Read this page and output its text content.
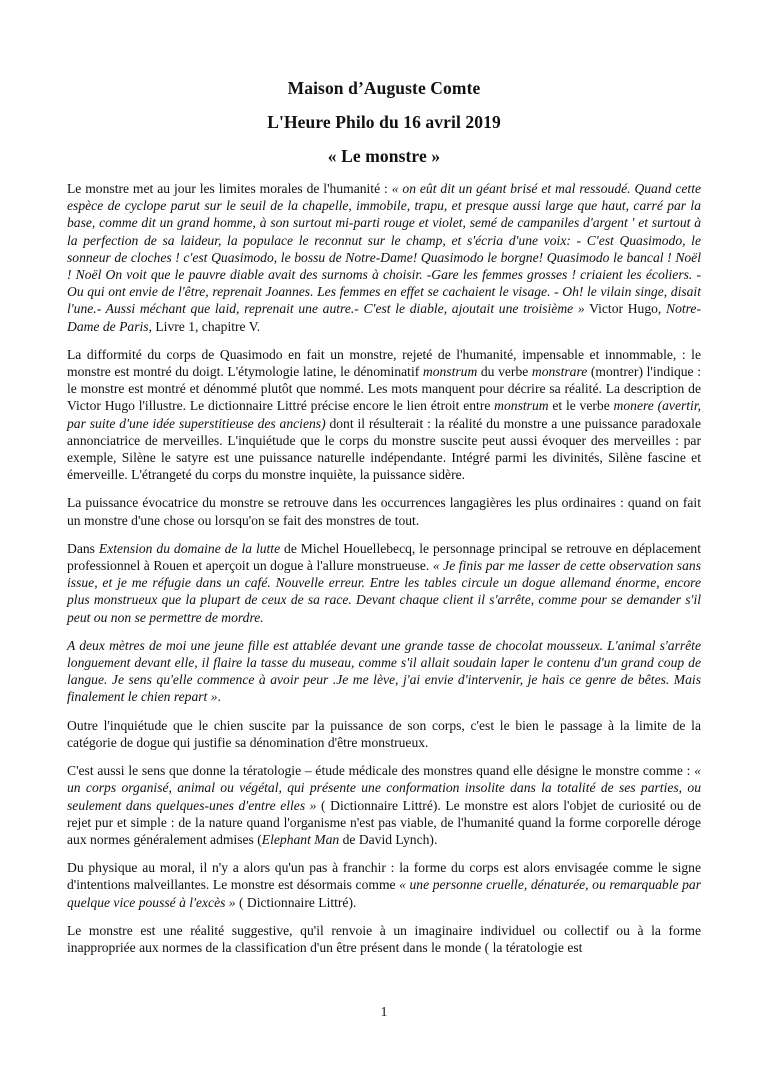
Maison d’Auguste Comte
L'Heure Philo du 16 avril 2019
« Le monstre »

Le monstre met au jour les limites morales de l'humanité : « on eût dit un géant brisé et mal ressoudé. Quand cette espèce de cyclope parut sur le seuil de la chapelle, immobile, trapu, et presque aussi large que haut, carré par la base, comme dit un grand homme, à son surtout mi-parti rouge et violet, semé de campaniles d'argent ' et surtout à la perfection de sa laideur, la populace le reconnut sur le champ, et s'écria d'une voix: - C'est Quasimodo, le sonneur de cloches ! c'est Quasimodo, le bossu de Notre-Dame! Quasimodo le borgne! Quasimodo le bancal ! Noël ! Noël On voit que le pauvre diable avait des surnoms à choisir. -Gare les femmes grosses ! criaient les écoliers. - Ou qui ont envie de l'être, reprenait Joannes. Les femmes en effet se cachaient le visage. - Oh! le vilain singe, disait l'une.- Aussi méchant que laid, reprenait une autre.- C'est le diable, ajoutait une troisième » Victor Hugo, Notre-Dame de Paris, Livre 1, chapitre V.

La difformité du corps de Quasimodo en fait un monstre, rejeté de l'humanité, impensable et innommable, : le monstre est montré du doigt. L'étymologie latine, le dénominatif monstrum du verbe monstrare (montrer) l'indique : le monstre est montré et dénommé plutôt que nommé. Les mots manquent pour décrire sa réalité. La description de Victor Hugo l'illustre. Le dictionnaire Littré précise encore le lien étroit entre monstrum et le verbe monere (avertir, par suite d'une idée superstitieuse des anciens) dont il résulterait : la réalité du monstre a une puissance paradoxale annonciatrice de merveilles. L'inquiétude que le corps du monstre suscite peut aussi évoquer des merveilles : par exemple, Silène le satyre est une puissance naturelle indépendante. Intégré parmi les divinités, Silène fascine et émerveille. L'étrangeté du corps du monstre inquiète, la puissance sidère.

La puissance évocatrice du monstre se retrouve dans les occurrences langagières les plus ordinaires : quand on fait un monstre d'une chose ou lorsqu'on se fait des monstres de tout.

Dans Extension du domaine de la lutte de Michel Houellebecq, le personnage principal se retrouve en déplacement professionnel à Rouen et aperçoit un dogue à l'allure monstrueuse. « Je finis par me lasser de cette observation sans issue, et je me réfugie dans un café. Nouvelle erreur. Entre les tables circule un dogue allemand énorme, encore plus monstrueux que la plupart de ceux de sa race. Devant chaque client il s'arrête, comme pour se demander s'il peut ou non se permettre de mordre.

A deux mètres de moi une jeune fille est attablée devant une grande tasse de chocolat mousseux. L'animal s'arrête longuement devant elle, il flaire la tasse du museau, comme s'il allait soudain laper le contenu d'un grand coup de langue. Je sens qu'elle commence à avoir peur .Je me lève, j'ai envie d'intervenir, je hais ce genre de bêtes. Mais finalement le chien repart ».

Outre l'inquiétude que le chien suscite par la puissance de son corps, c'est le bien le passage à la limite de la catégorie de dogue qui justifie sa dénomination d'être monstrueux.

C'est aussi le sens que donne la tératologie – étude médicale des monstres quand elle désigne le monstre comme : « un corps organisé, animal ou végétal, qui présente une conformation insolite dans la totalité de ses parties, ou seulement dans quelques-unes d'entre elles » ( Dictionnaire Littré). Le monstre est alors l'objet de curiosité ou de rejet pur et simple : de la nature quand l'organisme n'est pas viable, de l'humanité quand la forme corporelle déroge aux normes généralement admises (Elephant Man de David Lynch).

Du physique au moral, il n'y a alors qu'un pas à franchir : la forme du corps est alors envisagée comme le signe d'intentions malveillantes. Le monstre est désormais comme « une personne cruelle, dénaturée, ou remarquable par quelque vice poussé à l'excès » ( Dictionnaire Littré).

Le monstre est une réalité suggestive, qu'il renvoie à un imaginaire individuel ou collectif ou à la forme inappropriée aux normes de la classification d'un être présent dans le monde ( la tératologie est

1
